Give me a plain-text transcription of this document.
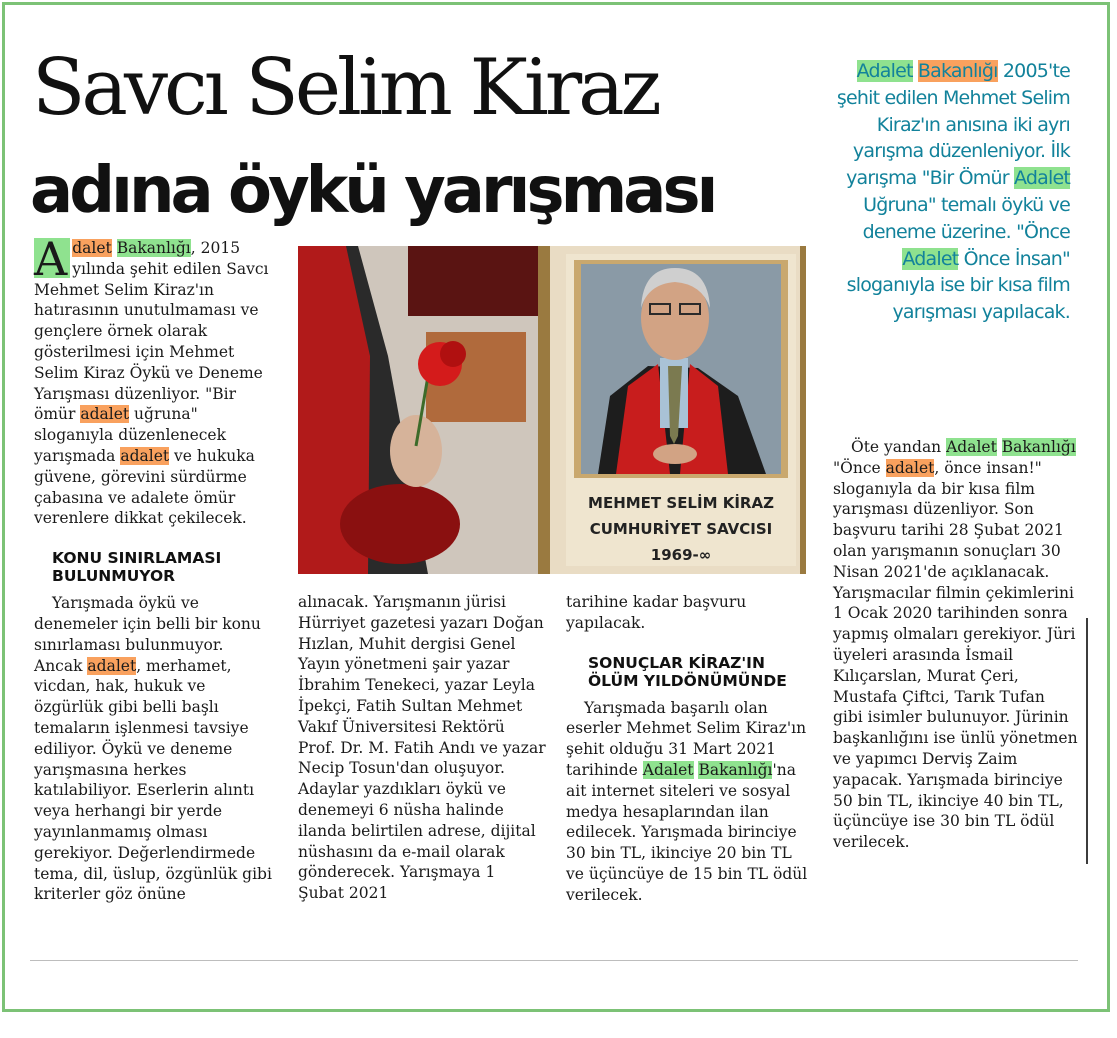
Savcı Selim Kiraz
adına öykü yarışması

Adalet Bakanlığı 2005'te şehit edilen Mehmet Selim Kiraz'ın anısına iki ayrı yarışma düzenleniyor. İlk yarışma "Bir Ömür Adalet Uğruna" temalı öykü ve deneme üzerine. "Önce Adalet Önce İnsan" sloganıyla ise bir kısa film yarışması yapılacak.

A dalet Bakanlığı, 2015 yılında şehit edilen Savcı Mehmet Selim Kiraz'ın hatırasının unutulmaması ve gençlere örnek olarak gösterilmesi için Mehmet Selim Kiraz Öykü ve Deneme Yarışması düzenliyor. "Bir ömür adalet uğruna" sloganıyla düzenlenecek yarışmada adalet ve hukuka güvene, görevini sürdürme çabasına ve adalete ömür verenlere dikkat çekilecek.

KONU SINIRLAMASI BULUNMUYOR

Yarışmada öykü ve denemeler için belli bir konu sınırlaması bulunmuyor. Ancak adalet, merhamet, vicdan, hak, hukuk ve özgürlük gibi belli başlı temaların işlenmesi tavsiye ediliyor. Öykü ve deneme yarışmasına herkes katılabiliyor. Eserlerin alıntı veya herhangi bir yerde yayınlanmamış olması gerekiyor. Değerlendirmede tema, dil, üslup, özgünlük gibi kriterler göz önüne

MEHMET SELİM KİRAZ
CUMHURİYET SAVCISI
1969-∞

alınacak. Yarışmanın jürisi Hürriyet gazetesi yazarı Doğan Hızlan, Muhit dergisi Genel Yayın yönetmeni şair yazar İbrahim Tenekeci, yazar Leyla İpekçi, Fatih Sultan Mehmet Vakıf Üniversitesi Rektörü Prof. Dr. M. Fatih Andı ve yazar Necip Tosun'dan oluşuyor. Adaylar yazdıkları öykü ve denemeyi 6 nüsha halinde ilanda belirtilen adrese, dijital nüshasını da e-mail olarak gönderecek. Yarışmaya 1 Şubat 2021

tarihine kadar başvuru yapılacak.

SONUÇLAR KİRAZ'IN ÖLÜM YILDÖNÜMÜNDE

Yarışmada başarılı olan eserler Mehmet Selim Kiraz'ın şehit olduğu 31 Mart 2021 tarihinde Adalet Bakanlığı'na ait internet siteleri ve sosyal medya hesaplarından ilan edilecek. Yarışmada birinciye 30 bin TL, ikinciye 20 bin TL ve üçüncüye de 15 bin TL ödül verilecek.

Öte yandan Adalet Bakanlığı "Önce adalet, önce insan!" sloganıyla da bir kısa film yarışması düzenliyor. Son başvuru tarihi 28 Şubat 2021 olan yarışmanın sonuçları 30 Nisan 2021'de açıklanacak. Yarışmacılar filmin çekimlerini 1 Ocak 2020 tarihinden sonra yapmış olmaları gerekiyor. Jüri üyeleri arasında İsmail Kılıçarslan, Murat Çeri, Mustafa Çiftci, Tarık Tufan gibi isimler bulunuyor. Jürinin başkanlığını ise ünlü yönetmen ve yapımcı Derviş Zaim yapacak. Yarışmada birinciye 50 bin TL, ikinciye 40 bin TL, üçüncüye ise 30 bin TL ödül verilecek.
